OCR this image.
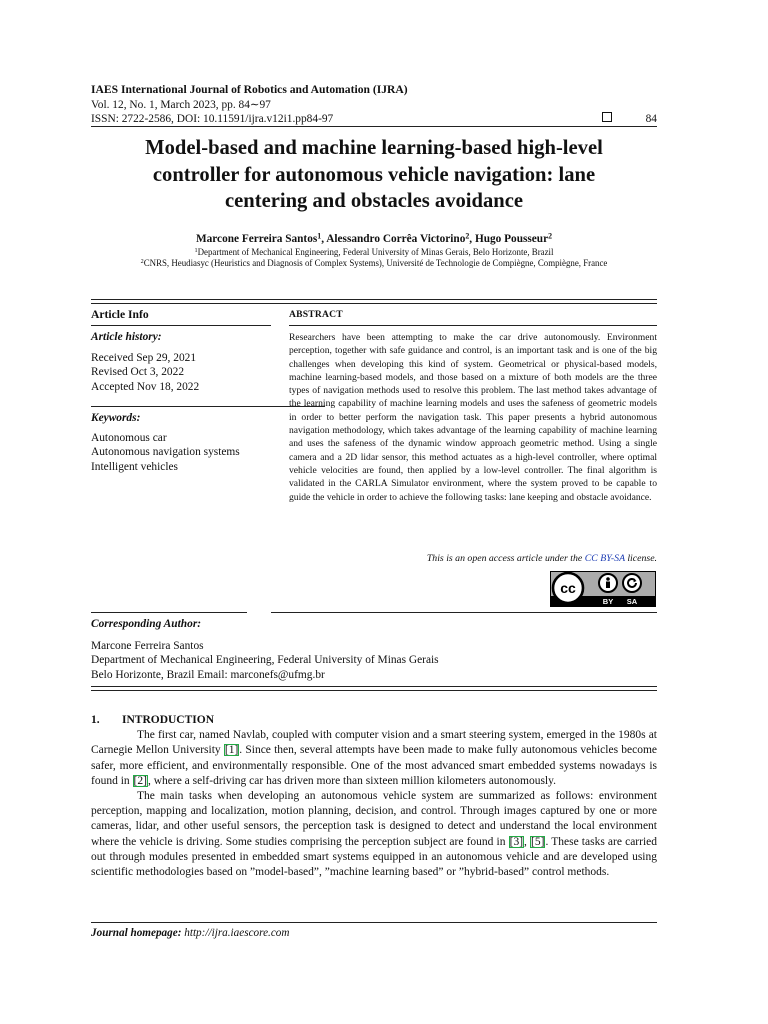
IAES International Journal of Robotics and Automation (IJRA)
Vol. 12, No. 1, March 2023, pp. 84∼97
ISSN: 2722-2586, DOI: 10.11591/ijra.v12i1.pp84-97	84
Model-based and machine learning-based high-level
controller for autonomous vehicle navigation: lane
centering and obstacles avoidance
Marcone Ferreira Santos$^1$, Alessandro Corrêa Victorino$^2$, Hugo Pousseur$^2$
$^1$Department of Mechanical Engineering, Federal University of Minas Gerais, Belo Horizonte, Brazil
$^2$CNRS, Heudiasyc (Heuristics and Diagnosis of Complex Systems), Université de Technologie de Compiègne, Compiègne, France
Article Info	ABSTRACT
Article history:
Received Sep 29, 2021
Revised Oct 3, 2022
Accepted Nov 18, 2022
Keywords:
Autonomous car
Autonomous navigation systems
Intelligent vehicles
Researchers have been attempting to make the car drive autonomously. Environment perception, together with safe guidance and control, is an important task and is one of the big challenges when developing this kind of system. Geometrical or physical-based models, machine learning-based models, and those based on a mixture of both models are the three types of navigation methods used to resolve this problem. The last method takes advantage of the learning capability of machine learning models and uses the safeness of geometric models in order to better perform the navigation task. This paper presents a hybrid autonomous navigation methodology, which takes advantage of the learning capability of machine learning and uses the safeness of the dynamic window approach geometric method. Using a single camera and a 2D lidar sensor, this method actuates as a high-level controller, where optimal vehicle velocities are found, then applied by a low-level controller. The final algorithm is validated in the CARLA Simulator environment, where the system proved to be capable to guide the vehicle in order to achieve the following tasks: lane keeping and obstacle avoidance.
This is an open access article under the CC BY-SA license.
cc
BY SA
Corresponding Author:
Marcone Ferreira Santos
Department of Mechanical Engineering, Federal University of Minas Gerais
Belo Horizonte, Brazil Email: marconefs@ufmg.br
1. INTRODUCTION

The first car, named Navlab, coupled with computer vision and a smart steering system, emerged in the 1980s at Carnegie Mellon University [1]. Since then, several attempts have been made to make fully autonomous vehicles become safer, more efficient, and environmentally responsible. One of the most advanced smart embedded systems nowadays is found in [2], where a self-driving car has driven more than sixteen million kilometers autonomously.

The main tasks when developing an autonomous vehicle system are summarized as follows: environment perception, mapping and localization, motion planning, decision, and control. Through images captured by one or more cameras, lidar, and other useful sensors, the perception task is designed to detect and understand the local environment where the vehicle is driving. Some studies comprising the perception subject are found in [3], [5]. These tasks are carried out through modules presented in embedded smart systems equipped in an autonomous vehicle and are developed using scientific methodologies based on ”model-based”, ”machine learning based” or ”hybrid-based” control methods.

Journal homepage: http://ijra.iaescore.com
